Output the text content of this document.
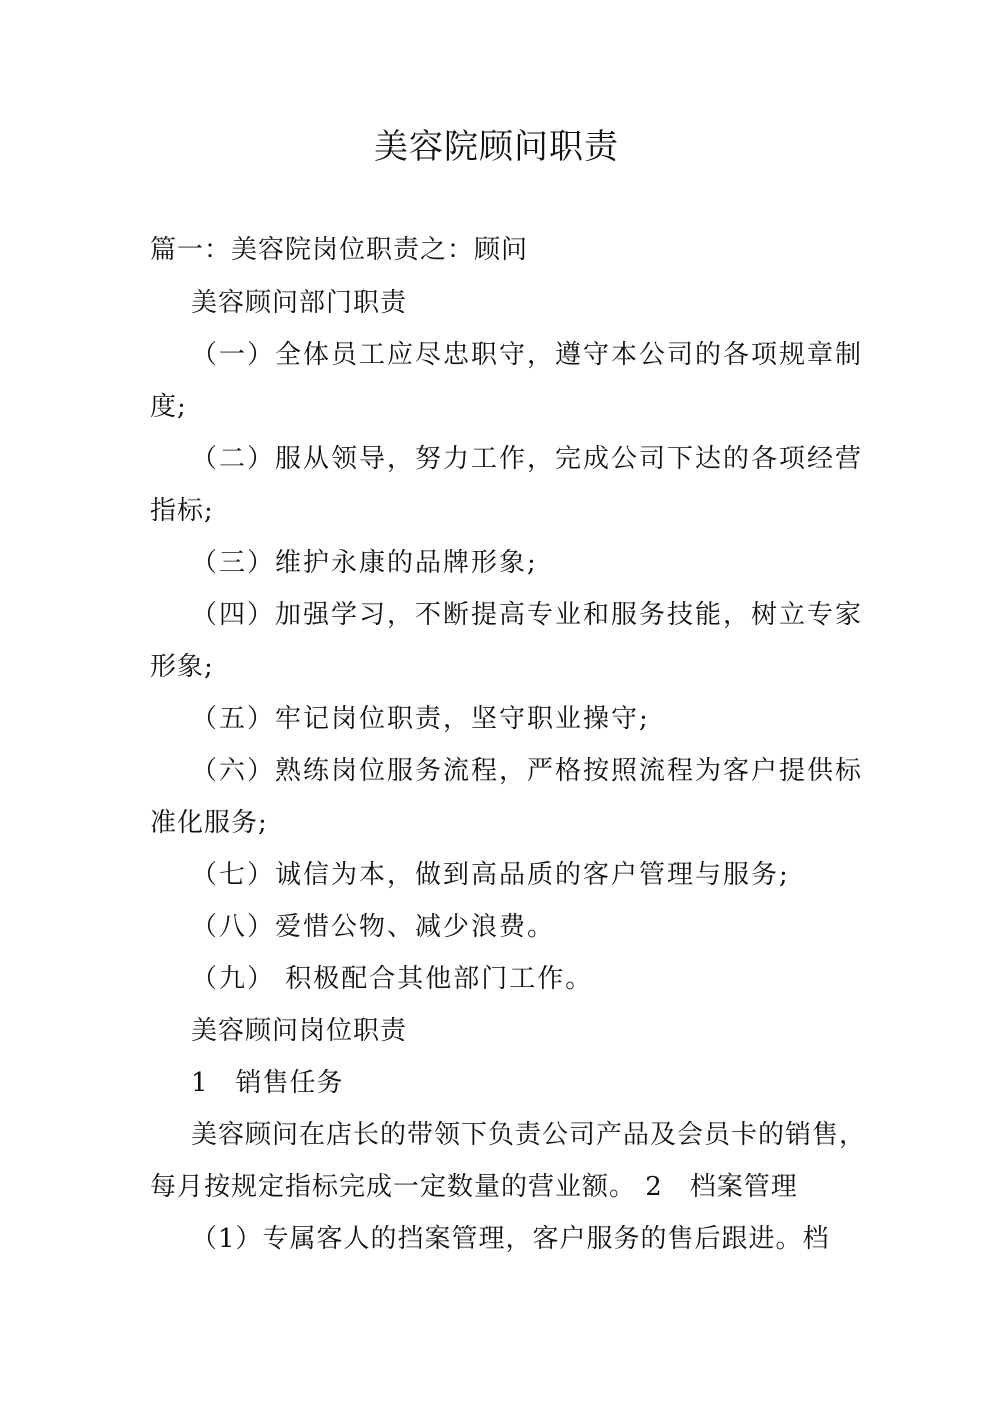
美容院顾问职责
篇一：美容院岗位职责之：顾问
美容顾问部门职责
（一）全体员工应尽忠职守，遵守本公司的各项规章制
度;
（二）服从领导，努力工作，完成公司下达的各项经营
指标;
（三）维护永康的品牌形象;
（四）加强学习，不断提高专业和服务技能，树立专家
形象;
（五）牢记岗位职责，坚守职业操守;
（六）熟练岗位服务流程，严格按照流程为客户提供标
准化服务;
（七）诚信为本，做到高品质的客户管理与服务;
（八）爱惜公物、减少浪费。
（九） 积极配合其他部门工作。
美容顾问岗位职责
1　销售任务
美容顾问在店长的带领下负责公司产品及会员卡的销售，
每月按规定指标完成一定数量的营业额。 2　档案管理
（1）专属客人的挡案管理，客户服务的售后跟进。档
